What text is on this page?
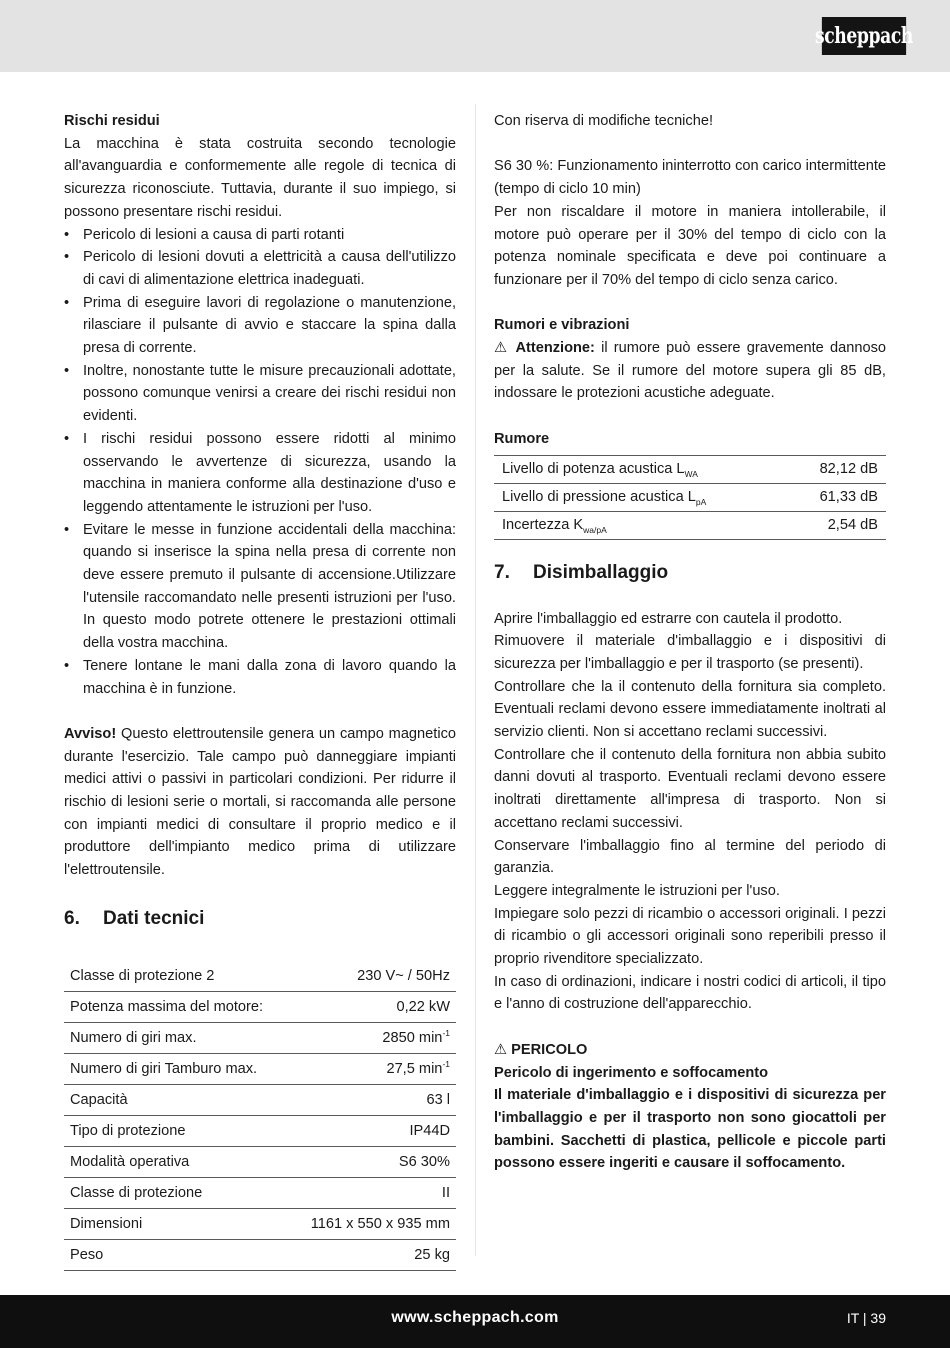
scheppach

Rischi residui

La macchina è stata costruita secondo tecnologie all'avanguardia e conformemente alle regole di tecnica di sicurezza riconosciute. Tuttavia, durante il suo impiego, si possono presentare rischi residui.

• Pericolo di lesioni a causa di parti rotanti
• Pericolo di lesioni dovuti a elettricità a causa dell'utilizzo di cavi di alimentazione elettrica inadeguati.
• Prima di eseguire lavori di regolazione o manutenzione, rilasciare il pulsante di avvio e staccare la spina dalla presa di corrente.
• Inoltre, nonostante tutte le misure precauzionali adottate, possono comunque venirsi a creare dei rischi residui non evidenti.
• I rischi residui possono essere ridotti al minimo osservando le avvertenze di sicurezza, usando la macchina in maniera conforme alla destinazione d'uso e leggendo attentamente le istruzioni per l'uso.
• Evitare le messe in funzione accidentali della macchina: quando si inserisce la spina nella presa di corrente non deve essere premuto il pulsante di accensione.Utilizzare l'utensile raccomandato nelle presenti istruzioni per l'uso. In questo modo potrete ottenere le prestazioni ottimali della vostra macchina.
• Tenere lontane le mani dalla zona di lavoro quando la macchina è in funzione.

Avviso! Questo elettroutensile genera un campo magnetico durante l'esercizio. Tale campo può danneggiare impianti medici attivi o passivi in particolari condizioni. Per ridurre il rischio di lesioni serie o mortali, si raccomanda alle persone con impianti medici di consultare il proprio medico e il produttore dell'impianto medico prima di utilizzare l'elettroutensile.

6.	Dati tecnici
Classe di protezione 2	230 V~ / 50Hz
Potenza massima del motore:	0,22 kW
Numero di giri max.	2850 $\min^{-1}$
Numero di giri Tamburo max.	27,5 $\min^{-1}$
Capacità	63 l
Tipo di protezione	IP44D
Modalità operativa	S6 30%
Classe di protezione	II
Dimensioni	1161 x 550 x 935 mm
Peso	25 kg

Con riserva di modifiche tecniche!

S6 30 %: Funzionamento ininterrotto con carico intermittente (tempo di ciclo 10 min)

Per non riscaldare il motore in maniera intollerabile, il motore può operare per il 30% del tempo di ciclo con la potenza nominale specificata e deve poi continuare a funzionare per il 70% del tempo di ciclo senza carico.

Rumori e vibrazioni

⚠ Attenzione: il rumore può essere gravemente dannoso per la salute. Se il rumore del motore supera gli 85 dB, indossare le protezioni acustiche adeguate.

Rumore

Livello di potenza acustica $L_{WA}$	82,12 dB
Livello di pressione acustica $L_{pA}$	61,33 dB
Incertezza $K_{wa/pA}$	2,54 dB
7.	Disimballaggio

Aprire l'imballaggio ed estrarre con cautela il prodotto.

Rimuovere il materiale d'imballaggio e i dispositivi di sicurezza per l'imballaggio e per il trasporto (se presenti).

Controllare che la il contenuto della fornitura sia completo. Eventuali reclami devono essere immediatamente inoltrati al servizio clienti. Non si accettano reclami successivi.

Controllare che il contenuto della fornitura non abbia subito danni dovuti al trasporto. Eventuali reclami devono essere inoltrati direttamente all'impresa di trasporto. Non si accettano reclami successivi.

Conservare l'imballaggio fino al termine del periodo di garanzia.

Leggere integralmente le istruzioni per l'uso.

Impiegare solo pezzi di ricambio o accessori originali. I pezzi di ricambio o gli accessori originali sono reperibili presso il proprio rivenditore specializzato.

In caso di ordinazioni, indicare i nostri codici di articoli, il tipo e l'anno di costruzione dell'apparecchio.

⚠ PERICOLO

Pericolo di ingerimento e soffocamento

Il materiale d'imballaggio e i dispositivi di sicurezza per l'imballaggio e per il trasporto non sono giocattoli per bambini. Sacchetti di plastica, pellicole e piccole parti possono essere ingeriti e causare il soffocamento.

www.scheppach.com	IT | 39
